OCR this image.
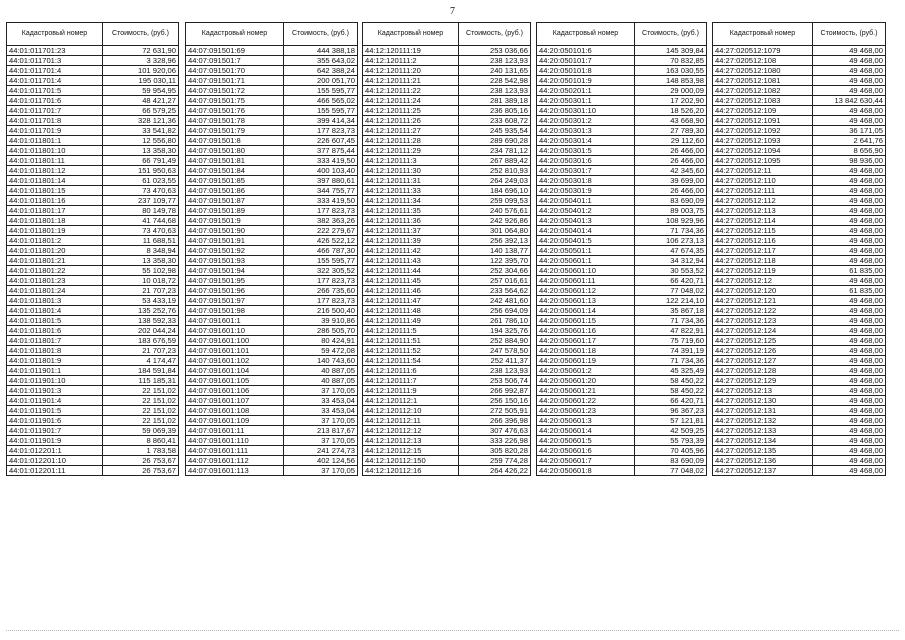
7
Кадастровый номер	Стоимость, (руб.)
44:01:011701:23	72 631,90
44:01:011701:3	3 328,96
44:01:011701:4	101 920,06
44:01:011701:4	195 030,11
44:01:011701:5	59 954,95
44:01:011701:6	48 421,27
44:01:011701:7	66 579,25
44:01:011701:8	328 121,36
44:01:011701:9	33 541,82
44:01:011801:1	12 556,80
44:01:011801:10	13 358,30
44:01:011801:11	66 791,49
44:01:011801:12	151 950,63
44:01:011801:14	61 023,55
44:01:011801:15	73 470,63
44:01:011801:16	237 109,77
44:01:011801:17	80 149,78
44:01:011801:18	41 744,68
44:01:011801:19	73 470,63
44:01:011801:2	11 688,51
44:01:011801:20	8 348,94
44:01:011801:21	13 358,30
44:01:011801:22	55 102,98
44:01:011801:23	10 018,72
44:01:011801:24	21 707,23
44:01:011801:3	53 433,19
44:01:011801:4	135 252,76
44:01:011801:5	138 592,33
44:01:011801:6	202 044,24
44:01:011801:7	183 676,59
44:01:011801:8	21 707,23
44:01:011801:9	4 174,47
44:01:011901:1	184 591,84
44:01:011901:10	115 185,31
44:01:011901:3	22 151,02
44:01:011901:4	22 151,02
44:01:011901:5	22 151,02
44:01:011901:6	22 151,02
44:01:011901:7	59 069,39
44:01:011901:9	8 860,41
44:01:012201:1	1 783,58
44:01:012201:10	26 753,67
44:01:012201:11	26 753,67
Кадастровый номер	Стоимость, (руб.)
44:07:091501:69	444 388,18
44:07:091501:7	355 643,02
44:07:091501:70	642 388,24
44:07:091501:71	200 051,70
44:07:091501:72	155 595,77
44:07:091501:75	466 565,02
44:07:091501:76	155 595,77
44:07:091501:78	399 414,34
44:07:091501:79	177 823,73
44:07:091501:8	226 607,45
44:07:091501:80	377 875,44
44:07:091501:81	333 419,50
44:07:091501:84	400 103,40
44:07:091501:85	397 880,61
44:07:091501:86	344 755,77
44:07:091501:87	333 419,50
44:07:091501:89	177 823,73
44:07:091501:9	382 363,26
44:07:091501:90	222 279,67
44:07:091501:91	426 522,12
44:07:091501:92	466 787,30
44:07:091501:93	155 595,77
44:07:091501:94	322 305,52
44:07:091501:95	177 823,73
44:07:091501:96	266 735,60
44:07:091501:97	177 823,73
44:07:091501:98	216 500,40
44:07:091601:1	39 910,86
44:07:091601:10	286 505,70
44:07:091601:100	80 424,91
44:07:091601:101	59 472,08
44:07:091601:102	140 743,60
44:07:091601:104	40 887,05
44:07:091601:105	40 887,05
44:07:091601:106	37 170,05
44:07:091601:107	33 453,04
44:07:091601:108	33 453,04
44:07:091601:109	37 170,05
44:07:091601:11	213 817,67
44:07:091601:110	37 170,05
44:07:091601:111	241 274,73
44:07:091601:112	402 124,56
44:07:091601:113	37 170,05
Кадастровый номер	Стоимость, (руб.)
44:12:120111:19	253 036,66
44:12:120111:2	238 123,93
44:12:120111:20	240 131,65
44:12:120111:21	228 542,98
44:12:120111:22	238 123,93
44:12:120111:24	281 389,18
44:12:120111:25	236 805,16
44:12:120111:26	233 608,72
44:12:120111:27	245 935,54
44:12:120111:28	289 690,28
44:12:120111:29	234 781,12
44:12:120111:3	267 889,42
44:12:120111:30	252 810,93
44:12:120111:31	264 249,03
44:12:120111:33	184 696,10
44:12:120111:34	259 099,53
44:12:120111:35	240 576,61
44:12:120111:36	242 926,86
44:12:120111:37	301 064,80
44:12:120111:39	256 392,13
44:12:120111:42	140 138,77
44:12:120111:43	122 395,70
44:12:120111:44	252 304,66
44:12:120111:45	257 016,61
44:12:120111:46	233 564,62
44:12:120111:47	242 481,60
44:12:120111:48	256 694,09
44:12:120111:49	261 786,10
44:12:120111:5	194 325,76
44:12:120111:51	252 884,90
44:12:120111:52	247 578,50
44:12:120111:54	252 411,37
44:12:120111:6	238 123,93
44:12:120111:7	253 506,74
44:12:120111:9	266 992,87
44:12:120112:1	256 150,16
44:12:120112:10	272 505,91
44:12:120112:11	266 396,98
44:12:120112:12	307 476,63
44:12:120112:13	333 226,98
44:12:120112:15	305 820,28
44:12:120112:150	259 774,28
44:12:120112:16	264 426,22
Кадастровый номер	Стоимость, (руб.)
44:20:050101:6	145 309,84
44:20:050101:7	70 832,85
44:20:050101:8	163 030,55
44:20:050101:9	148 853,98
44:20:050201:1	29 000,09
44:20:050301:1	17 202,90
44:20:050301:10	18 526,20
44:20:050301:2	43 668,90
44:20:050301:3	27 789,30
44:20:050301:4	29 112,60
44:20:050301:5	26 466,00
44:20:050301:6	26 466,00
44:20:050301:7	42 345,60
44:20:050301:8	39 699,00
44:20:050301:9	26 466,00
44:20:050401:1	83 690,09
44:20:050401:2	89 003,75
44:20:050401:3	108 929,96
44:20:050401:4	71 734,36
44:20:050401:5	106 273,13
44:20:050501:1	47 674,35
44:20:050601:1	34 312,94
44:20:050601:10	30 553,52
44:20:050601:11	66 420,71
44:20:050601:12	77 048,02
44:20:050601:13	122 214,10
44:20:050601:14	35 867,18
44:20:050601:15	71 734,36
44:20:050601:16	47 822,91
44:20:050601:17	75 719,60
44:20:050601:18	74 391,19
44:20:050601:19	71 734,36
44:20:050601:2	45 325,49
44:20:050601:20	58 450,22
44:20:050601:21	58 450,22
44:20:050601:22	66 420,71
44:20:050601:23	96 367,23
44:20:050601:3	57 121,81
44:20:050601:4	42 509,25
44:20:050601:5	55 793,39
44:20:050601:6	70 405,96
44:20:050601:7	83 690,09
44:20:050601:8	77 048,02
Кадастровый номер	Стоимость, (руб.)
44:27:020512:1079	49 468,00
44:27:020512:108	49 468,00
44:27:020512:1080	49 468,00
44:27:020512:1081	49 468,00
44:27:020512:1082	49 468,00
44:27:020512:1083	13 842 630,44
44:27:020512:109	49 468,00
44:27:020512:1091	49 468,00
44:27:020512:1092	36 171,05
44:27:020512:1093	2 641,76
44:27:020512:1094	8 656,90
44:27:020512:1095	98 936,00
44:27:020512:11	49 468,00
44:27:020512:110	49 468,00
44:27:020512:111	49 468,00
44:27:020512:112	49 468,00
44:27:020512:113	49 468,00
44:27:020512:114	49 468,00
44:27:020512:115	49 468,00
44:27:020512:116	49 468,00
44:27:020512:117	49 468,00
44:27:020512:118	49 468,00
44:27:020512:119	61 835,00
44:27:020512:12	49 468,00
44:27:020512:120	61 835,00
44:27:020512:121	49 468,00
44:27:020512:122	49 468,00
44:27:020512:123	49 468,00
44:27:020512:124	49 468,00
44:27:020512:125	49 468,00
44:27:020512:126	49 468,00
44:27:020512:127	49 468,00
44:27:020512:128	49 468,00
44:27:020512:129	49 468,00
44:27:020512:13	49 468,00
44:27:020512:130	49 468,00
44:27:020512:131	49 468,00
44:27:020512:132	49 468,00
44:27:020512:133	49 468,00
44:27:020512:134	49 468,00
44:27:020512:135	49 468,00
44:27:020512:136	49 468,00
44:27:020512:137	49 468,00
